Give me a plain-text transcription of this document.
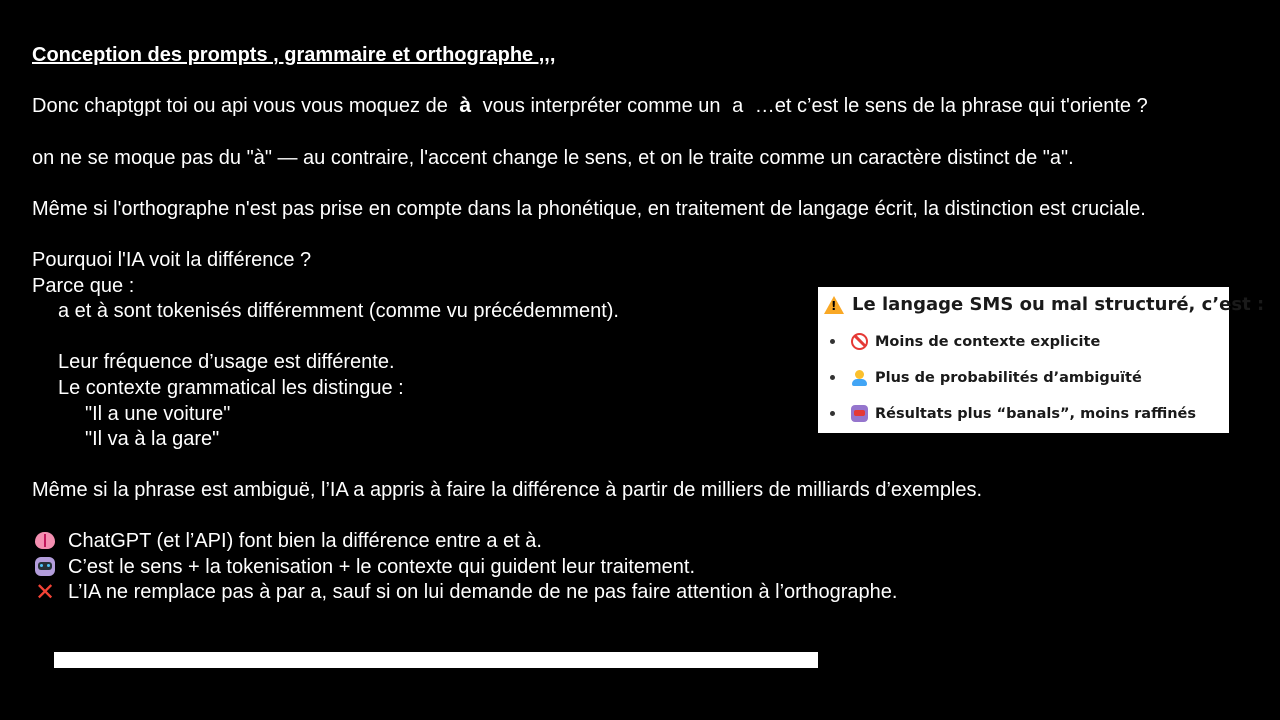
Conception des prompts , grammaire et orthographe ,,,
Donc chaptgpt toi ou api vous vous moquez de à vous interpréter comme un a …et c’est le sens de la phrase qui t'oriente ?
on ne se moque pas du "à" — au contraire, l'accent change le sens, et on le traite comme un caractère distinct de "a".
Même si l'orthographe n'est pas prise en compte dans la phonétique, en traitement de langage écrit, la distinction est cruciale.
Pourquoi l'IA voit la différence ?
Parce que :
a et à sont tokenisés différemment (comme vu précédemment).
Leur fréquence d’usage est différente.
Le contexte grammatical les distingue :
"Il a une voiture"
"Il va à la gare"
Même si la phrase est ambiguë, l’IA a appris à faire la différence à partir de milliers de milliards d’exemples.
ChatGPT (et l’API) font bien la différence entre a et à.
C’est le sens + la tokenisation + le contexte qui guident leur traitement.
✕ L’IA ne remplace pas à par a, sauf si on lui demande de ne pas faire attention à l’orthographe.
!
Le langage SMS ou mal structuré, c’est :
Moins de contexte explicite
Plus de probabilités d’ambiguïté
Résultats plus “banals”, moins raffinés
